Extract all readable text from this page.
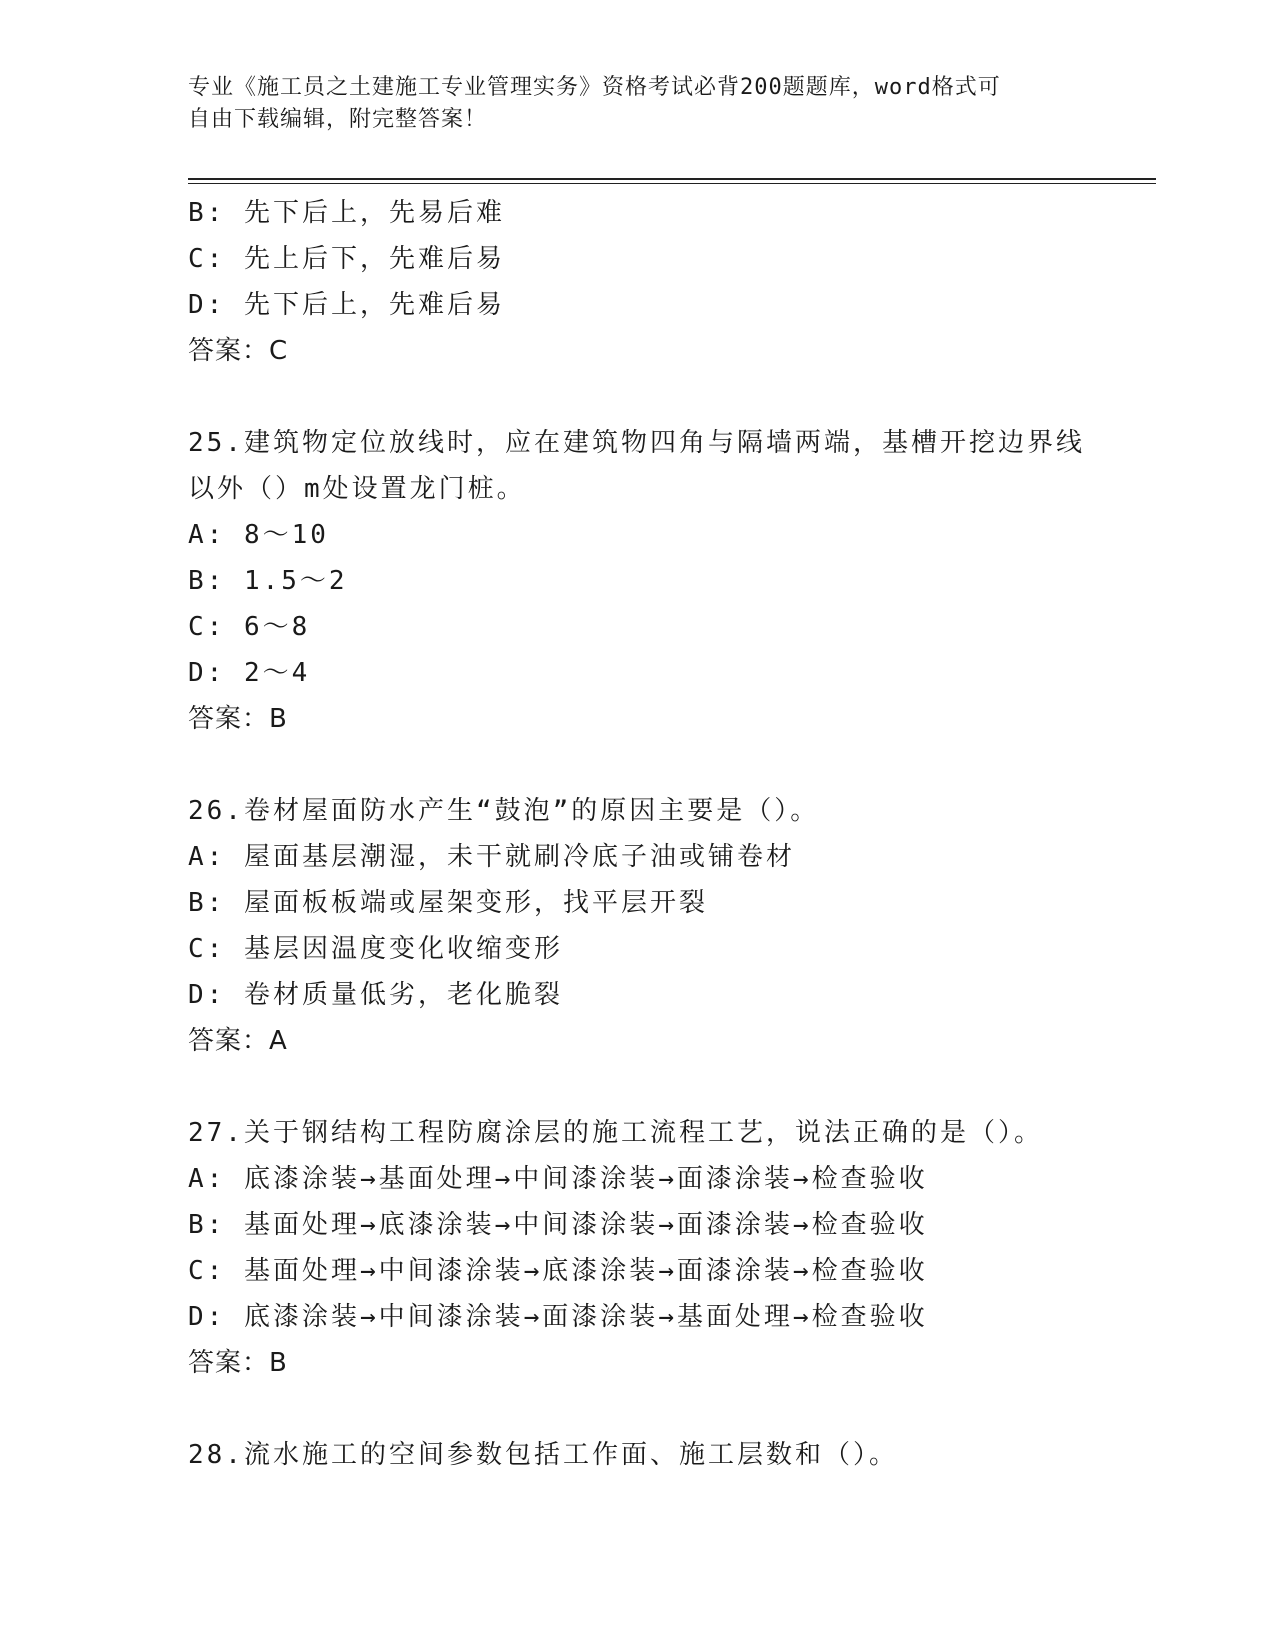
专业《施工员之土建施工专业管理实务》资格考试必背200题题库，word格式可
自由下载编辑，附完整答案！
B: 先下后上，先易后难
C: 先上后下，先难后易
D: 先下后上，先难后易
答案：C
25.建筑物定位放线时，应在建筑物四角与隔墙两端，基槽开挖边界线
以外（）m处设置龙门桩。
A: 8～10
B: 1.5～2
C: 6～8
D: 2～4
答案：B
26.卷材屋面防水产生“鼓泡”的原因主要是（）。
A: 屋面基层潮湿，未干就刷冷底子油或铺卷材
B: 屋面板板端或屋架变形，找平层开裂
C: 基层因温度变化收缩变形
D: 卷材质量低劣，老化脆裂
答案：A
27.关于钢结构工程防腐涂层的施工流程工艺，说法正确的是（）。
A: 底漆涂装→基面处理→中间漆涂装→面漆涂装→检查验收
B: 基面处理→底漆涂装→中间漆涂装→面漆涂装→检查验收
C: 基面处理→中间漆涂装→底漆涂装→面漆涂装→检查验收
D: 底漆涂装→中间漆涂装→面漆涂装→基面处理→检查验收
答案：B
28.流水施工的空间参数包括工作面、施工层数和（）。
